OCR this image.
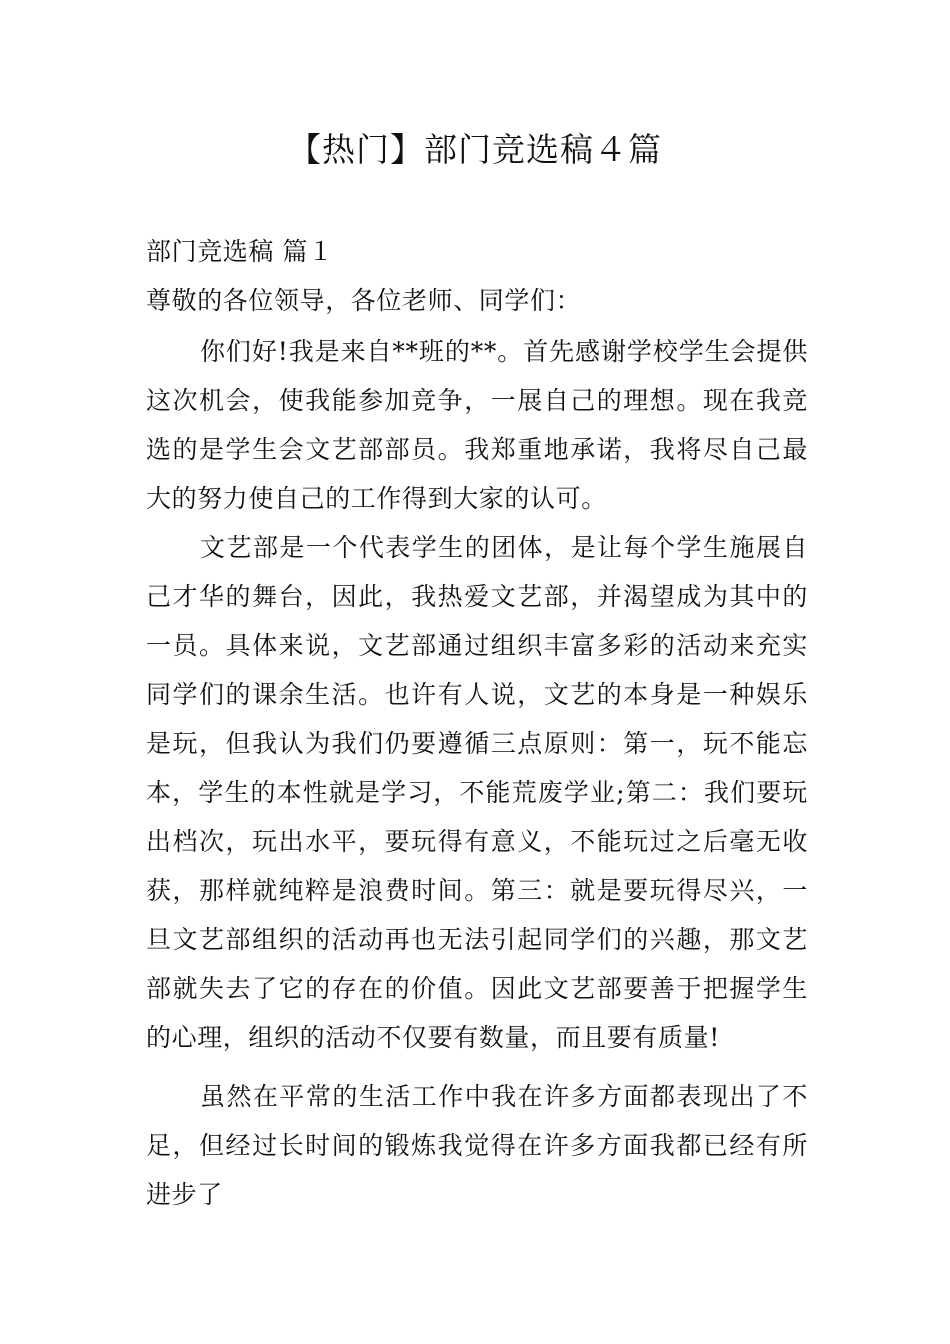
【热门】部门竞选稿４篇

部门竞选稿 篇１

尊敬的各位领导，各位老师、同学们：

你们好!我是来自**班的**。首先感谢学校学生会提供这次机会，使我能参加竞争，一展自己的理想。现在我竞选的是学生会文艺部部员。我郑重地承诺，我将尽自己最大的努力使自己的工作得到大家的认可。

文艺部是一个代表学生的团体，是让每个学生施展自己才华的舞台，因此，我热爱文艺部，并渴望成为其中的一员。具体来说，文艺部通过组织丰富多彩的活动来充实同学们的课余生活。也许有人说，文艺的本身是一种娱乐是玩，但我认为我们仍要遵循三点原则：第一，玩不能忘本，学生的本性就是学习，不能荒废学业;第二：我们要玩出档次，玩出水平，要玩得有意义，不能玩过之后毫无收获，那样就纯粹是浪费时间。第三：就是要玩得尽兴，一旦文艺部组织的活动再也无法引起同学们的兴趣，那文艺部就失去了它的存在的价值。因此文艺部要善于把握学生的心理，组织的活动不仅要有数量，而且要有质量!

虽然在平常的生活工作中我在许多方面都表现出了不足，但经过长时间的锻炼我觉得在许多方面我都已经有所进步了
